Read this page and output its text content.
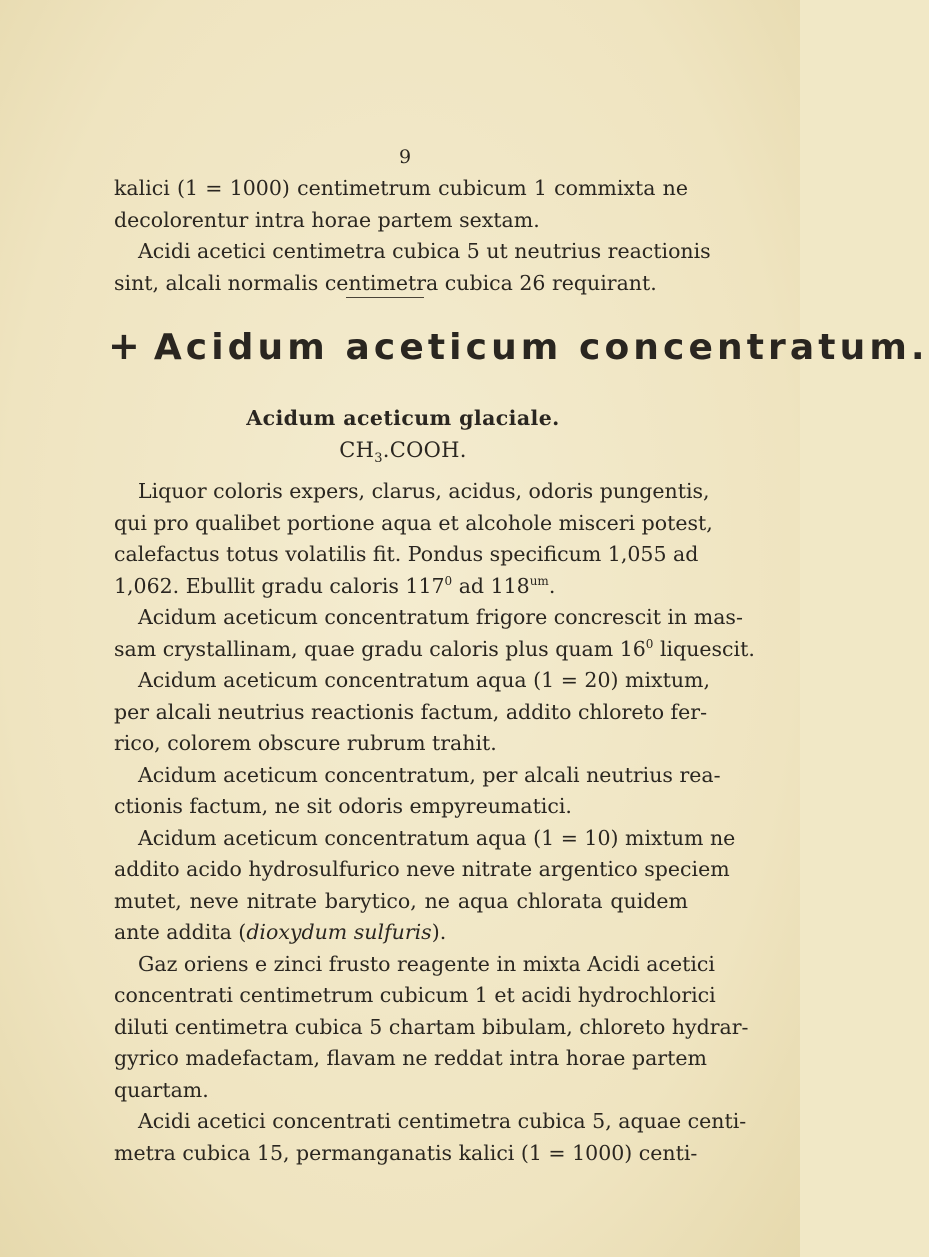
9
kalici (1 = 1000) centimetrum cubicum 1 commixta ne
decolorentur intra horae partem sextam.
Acidi acetici centimetra cubica 5 ut neutrius reactionis
sint, alcali normalis centimetra cubica 26 requirant.
+ Acidum aceticum concentratum.
Acidum aceticum glaciale.
$CH_3.COOH$.
Liquor coloris expers, clarus, acidus, odoris pungentis,
qui pro qualibet portione aqua et alcohole misceri potest,
calefactus totus volatilis fit. Pondus specificum 1,055 ad
1,062. Ebullit gradu caloris $117^0$ ad $118^{um}$.
Acidum aceticum concentratum frigore concrescit in mas-
sam crystallinam, quae gradu caloris plus quam $16^0$ liquescit.
Acidum aceticum concentratum aqua (1 = 20) mixtum,
per alcali neutrius reactionis factum, addito chloreto fer-
rico, colorem obscure rubrum trahit.
Acidum aceticum concentratum, per alcali neutrius rea-
ctionis factum, ne sit odoris empyreumatici.
Acidum aceticum concentratum aqua (1 = 10) mixtum ne
addito acido hydrosulfurico neve nitrate argentico speciem
mutet, neve nitrate barytico, ne aqua chlorata quidem
ante addita (dioxydum sulfuris).
Gaz oriens e zinci frusto reagente in mixta Acidi acetici
concentrati centimetrum cubicum 1 et acidi hydrochlorici
diluti centimetra cubica 5 chartam bibulam, chloreto hydrar-
gyrico madefactam, flavam ne reddat intra horae partem
quartam.
Acidi acetici concentrati centimetra cubica 5, aquae centi-
metra cubica 15, permanganatis kalici (1 = 1000) centi-
